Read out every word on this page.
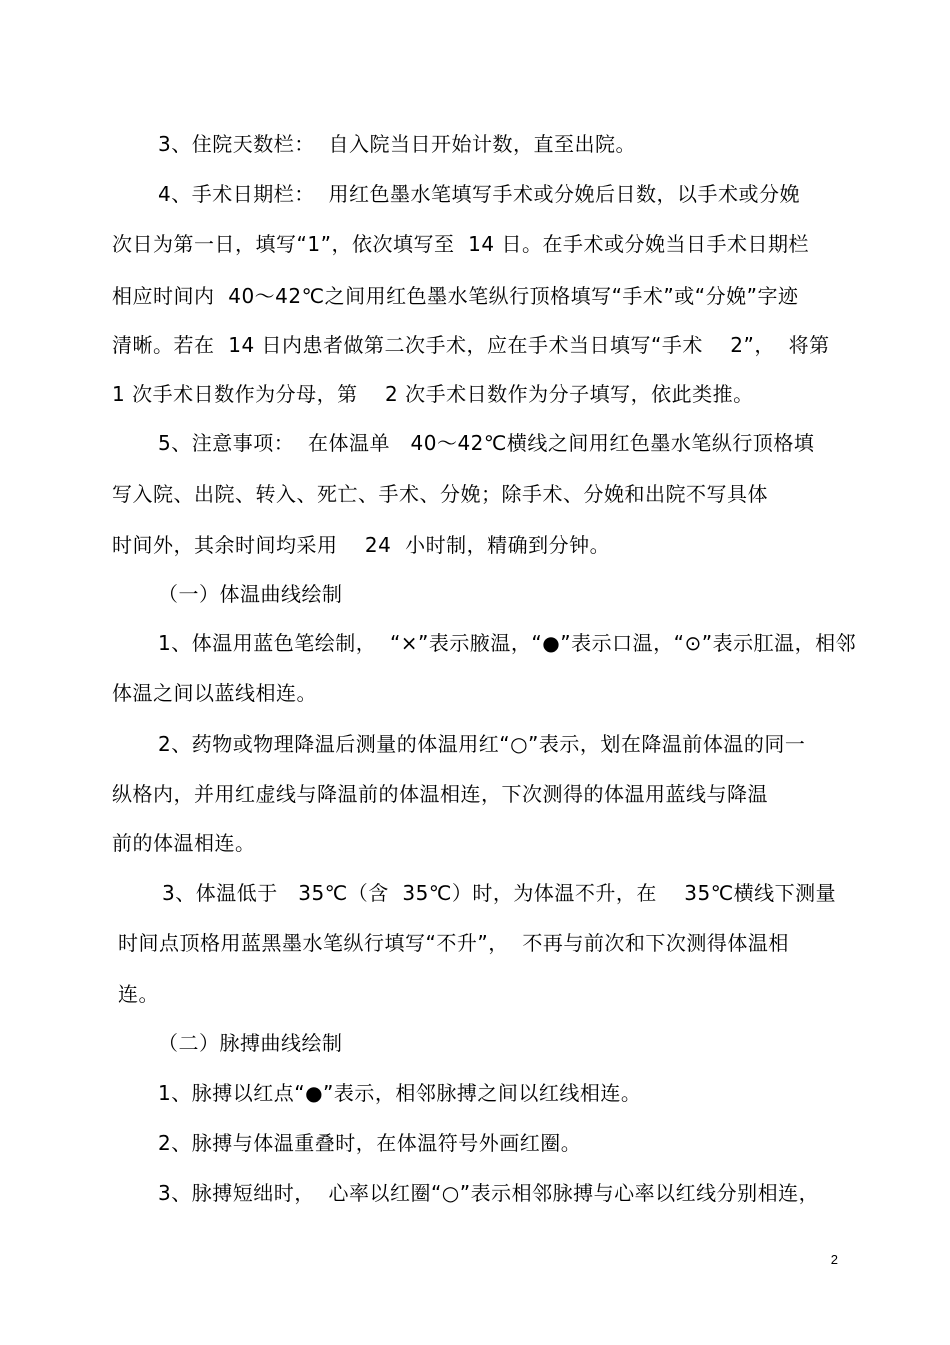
3、住院天数栏：  自入院当日开始计数，直至出院。
4、手术日期栏：  用红色墨水笔填写手术或分娩后日数，以手术或分娩
次日为第一日，填写“1”，依次填写至  14 日。在手术或分娩当日手术日期栏
相应时间内  40～42℃之间用红色墨水笔纵行顶格填写“手术”或“分娩”字迹
清晰。若在  14 日内患者做第二次手术，应在手术当日填写“手术    2”，  将第
1 次手术日数作为分母，第    2 次手术日数作为分子填写，依此类推。
5、注意事项：  在体温单   40～42℃横线之间用红色墨水笔纵行顶格填
写入院、出院、转入、死亡、手术、分娩；除手术、分娩和出院不写具体
时间外，其余时间均采用    24  小时制，精确到分钟。
（一）体温曲线绘制
1、体温用蓝色笔绘制，  “×”表示腋温，“●”表示口温，“⊙”表示肛温，相邻
体温之间以蓝线相连。
2、药物或物理降温后测量的体温用红“○”表示，划在降温前体温的同一
纵格内，并用红虚线与降温前的体温相连，下次测得的体温用蓝线与降温
前的体温相连。
3、体温低于   35℃（含  35℃）时，为体温不升，在    35℃横线下测量
时间点顶格用蓝黑墨水笔纵行填写“不升”，  不再与前次和下次测得体温相
连。
（二）脉搏曲线绘制
1、脉搏以红点“●”表示，相邻脉搏之间以红线相连。
2、脉搏与体温重叠时，在体温符号外画红圈。
3、脉搏短绌时，  心率以红圈“○”表示相邻脉搏与心率以红线分别相连，
2
